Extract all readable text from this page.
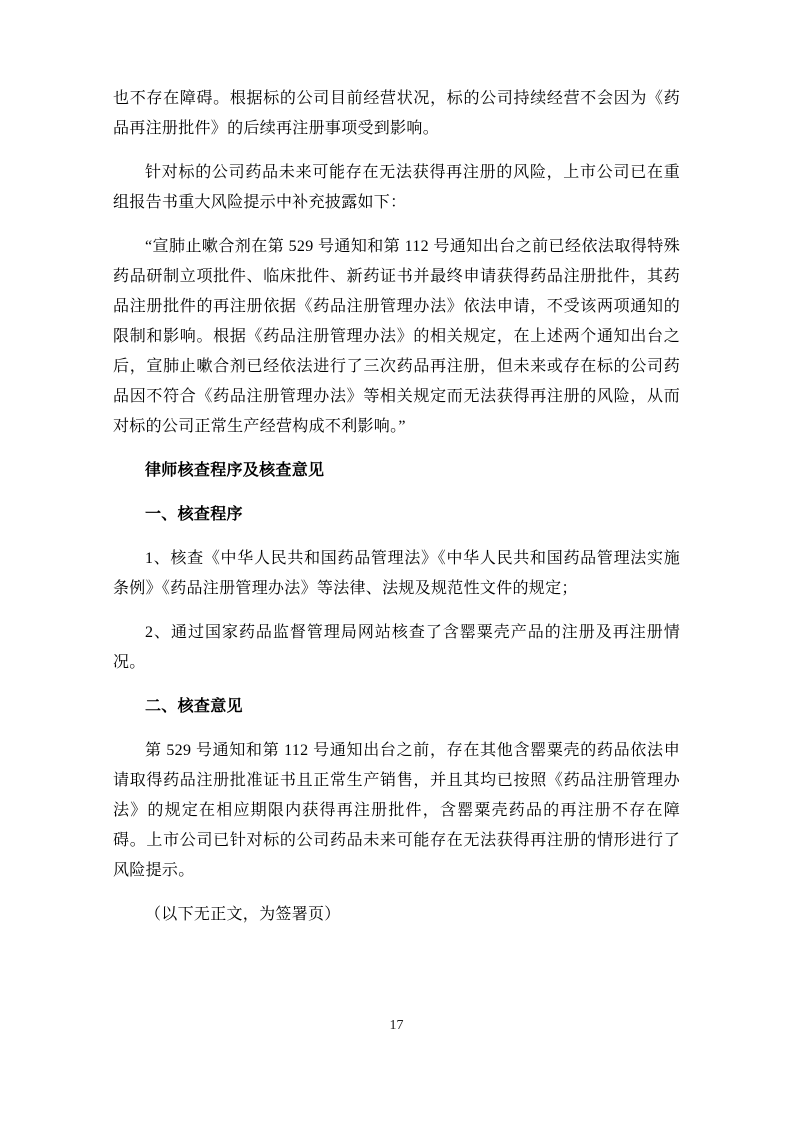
也不存在障碍。根据标的公司目前经营状况，标的公司持续经营不会因为《药品再注册批件》的后续再注册事项受到影响。

针对标的公司药品未来可能存在无法获得再注册的风险，上市公司已在重组报告书重大风险提示中补充披露如下：

“宣肺止嗽合剂在第 529 号通知和第 112 号通知出台之前已经依法取得特殊药品研制立项批件、临床批件、新药证书并最终申请获得药品注册批件，其药品注册批件的再注册依据《药品注册管理办法》依法申请，不受该两项通知的限制和影响。根据《药品注册管理办法》的相关规定，在上述两个通知出台之后，宣肺止嗽合剂已经依法进行了三次药品再注册，但未来或存在标的公司药品因不符合《药品注册管理办法》等相关规定而无法获得再注册的风险，从而对标的公司正常生产经营构成不利影响。”

律师核查程序及核查意见

一、核查程序

1、核查《中华人民共和国药品管理法》《中华人民共和国药品管理法实施条例》《药品注册管理办法》等法律、法规及规范性文件的规定；

2、通过国家药品监督管理局网站核查了含罂粟壳产品的注册及再注册情况。

二、核查意见

第 529 号通知和第 112 号通知出台之前，存在其他含罂粟壳的药品依法申请取得药品注册批准证书且正常生产销售，并且其均已按照《药品注册管理办法》的规定在相应期限内获得再注册批件，含罂粟壳药品的再注册不存在障碍。上市公司已针对标的公司药品未来可能存在无法获得再注册的情形进行了风险提示。

（以下无正文，为签署页）

17
